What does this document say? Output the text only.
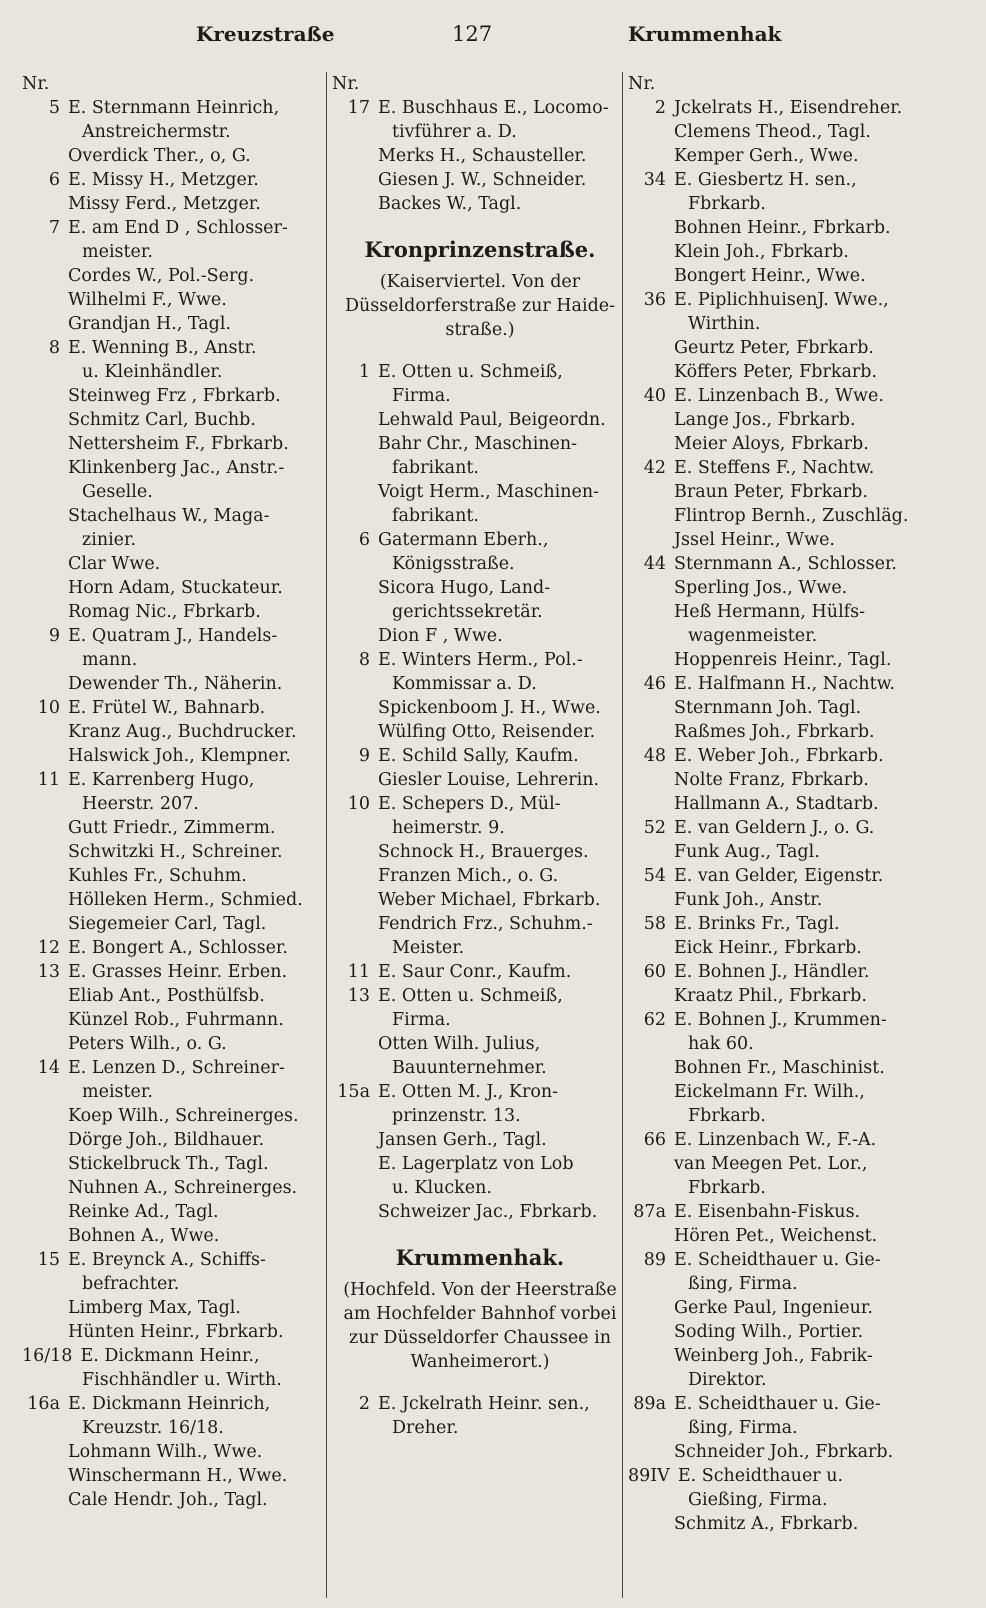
Kreuzstraße	127	Krummenhak
Nr.
5 E. Sternmann Heinrich,
Anstreichermstr.
Overdick Ther., o, G.
6 E. Missy H., Metzger.
Missy Ferd., Metzger.
7 E. am End D , Schlosser-
meister.
Cordes W., Pol.-Serg.
Wilhelmi F., Wwe.
Grandjan H., Tagl.
8 E. Wenning B., Anstr.
u. Kleinhändler.
Steinweg Frz , Fbrkarb.
Schmitz Carl, Buchb.
Nettersheim F., Fbrkarb.
Klinkenberg Jac., Anstr.-
Geselle.
Stachelhaus W., Maga-
zinier.
Clar Wwe.
Horn Adam, Stuckateur.
Romag Nic., Fbrkarb.
9 E. Quatram J., Handels-
mann.
Dewender Th., Näherin.
10 E. Frütel W., Bahnarb.
Kranz Aug., Buchdrucker.
Halswick Joh., Klempner.
11 E. Karrenberg Hugo,
Heerstr. 207.
Gutt Friedr., Zimmerm.
Schwitzki H., Schreiner.
Kuhles Fr., Schuhm.
Hölleken Herm., Schmied.
Siegemeier Carl, Tagl.
12 E. Bongert A., Schlosser.
13 E. Grasses Heinr. Erben.
Eliab Ant., Posthülfsb.
Künzel Rob., Fuhrmann.
Peters Wilh., o. G.
14 E. Lenzen D., Schreiner-
meister.
Koep Wilh., Schreinerges.
Dörge Joh., Bildhauer.
Stickelbruck Th., Tagl.
Nuhnen A., Schreinerges.
Reinke Ad., Tagl.
Bohnen A., Wwe.
15 E. Breynck A., Schiffs-
befrachter.
Limberg Max, Tagl.
Hünten Heinr., Fbrkarb.
16/18 E. Dickmann Heinr.,
Fischhändler u. Wirth.
16a E. Dickmann Heinrich,
Kreuzstr. 16/18.
Lohmann Wilh., Wwe.
Winschermann H., Wwe.
Cale Hendr. Joh., Tagl.
Nr.
17 E. Buschhaus E., Locomo-
tivführer a. D.
Merks H., Schausteller.
Giesen J. W., Schneider.
Backes W., Tagl.
Kronprinzenstraße.
(Kaiserviertel. Von der
Düsseldorferstraße zur Haide-
straße.)
1 E. Otten u. Schmeiß,
Firma.
Lehwald Paul, Beigeordn.
Bahr Chr., Maschinen-
fabrikant.
Voigt Herm., Maschinen-
fabrikant.
6 Gatermann Eberh.,
Königsstraße.
Sicora Hugo, Land-
gerichtssekretär.
Dion F , Wwe.
8 E. Winters Herm., Pol.-
Kommissar a. D.
Spickenboom J. H., Wwe.
Wülfing Otto, Reisender.
9 E. Schild Sally, Kaufm.
Giesler Louise, Lehrerin.
10 E. Schepers D., Mül-
heimerstr. 9.
Schnock H., Brauerges.
Franzen Mich., o. G.
Weber Michael, Fbrkarb.
Fendrich Frz., Schuhm.-
Meister.
11 E. Saur Conr., Kaufm.
13 E. Otten u. Schmeiß,
Firma.
Otten Wilh. Julius,
Bauunternehmer.
15a E. Otten M. J., Kron-
prinzenstr. 13.
Jansen Gerh., Tagl.
E. Lagerplatz von Lob
u. Klucken.
Schweizer Jac., Fbrkarb.
Krummenhak.
(Hochfeld. Von der Heerstraße
am Hochfelder Bahnhof vorbei
zur Düsseldorfer Chaussee in
Wanheimerort.)
2 E. Jckelrath Heinr. sen.,
Dreher.
Nr.
2 Jckelrats H., Eisendreher.
Clemens Theod., Tagl.
Kemper Gerh., Wwe.
34 E. Giesbertz H. sen.,
Fbrkarb.
Bohnen Heinr., Fbrkarb.
Klein Joh., Fbrkarb.
Bongert Heinr., Wwe.
36 E. PiplichhuisenJ. Wwe.,
Wirthin.
Geurtz Peter, Fbrkarb.
Köffers Peter, Fbrkarb.
40 E. Linzenbach B., Wwe.
Lange Jos., Fbrkarb.
Meier Aloys, Fbrkarb.
42 E. Steffens F., Nachtw.
Braun Peter, Fbrkarb.
Flintrop Bernh., Zuschläg.
Jssel Heinr., Wwe.
44 Sternmann A., Schlosser.
Sperling Jos., Wwe.
Heß Hermann, Hülfs-
wagenmeister.
Hoppenreis Heinr., Tagl.
46 E. Halfmann H., Nachtw.
Sternmann Joh. Tagl.
Raßmes Joh., Fbrkarb.
48 E. Weber Joh., Fbrkarb.
Nolte Franz, Fbrkarb.
Hallmann A., Stadtarb.
52 E. van Geldern J., o. G.
Funk Aug., Tagl.
54 E. van Gelder, Eigenstr.
Funk Joh., Anstr.
58 E. Brinks Fr., Tagl.
Eick Heinr., Fbrkarb.
60 E. Bohnen J., Händler.
Kraatz Phil., Fbrkarb.
62 E. Bohnen J., Krummen-
hak 60.
Bohnen Fr., Maschinist.
Eickelmann Fr. Wilh.,
Fbrkarb.
66 E. Linzenbach W., F.-A.
van Meegen Pet. Lor.,
Fbrkarb.
87a E. Eisenbahn-Fiskus.
Hören Pet., Weichenst.
89 E. Scheidthauer u. Gie-
ßing, Firma.
Gerke Paul, Ingenieur.
Soding Wilh., Portier.
Weinberg Joh., Fabrik-
Direktor.
89a E. Scheidthauer u. Gie-
ßing, Firma.
Schneider Joh., Fbrkarb.
89IV E. Scheidthauer u.
Gießing, Firma.
Schmitz A., Fbrkarb.
